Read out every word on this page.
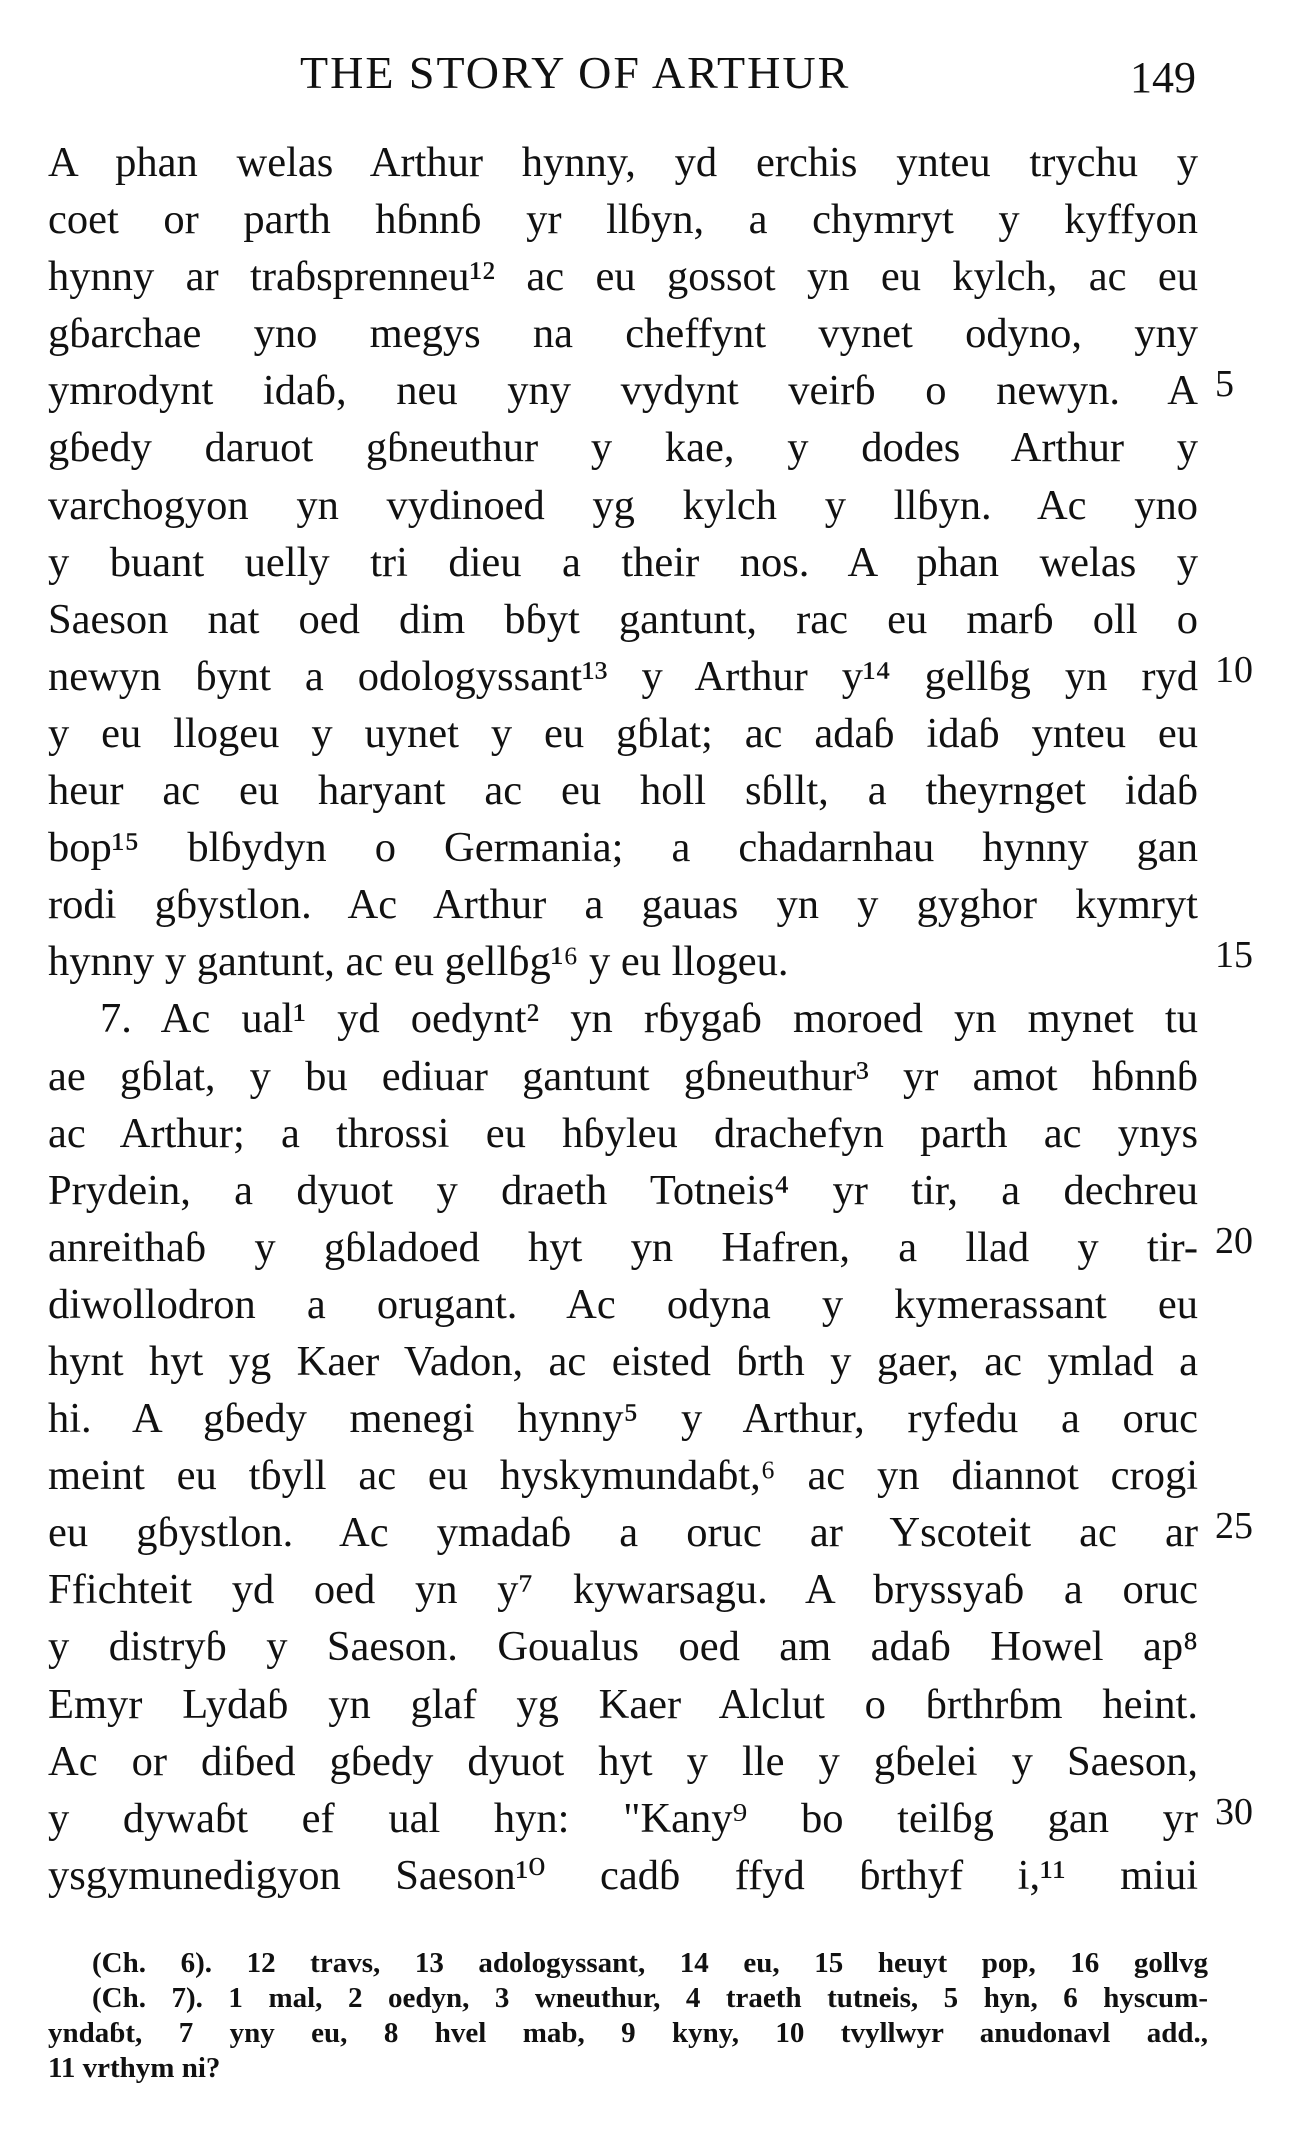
THE STORY OF ARTHUR	149
A phan welas Arthur hynny, yd erchis ynteu trychu y
coet or parth hɓnnɓ yr llɓyn, a chymryt y kyffyon
hynny ar traɓsprenneu¹² ac eu gossot yn eu kylch, ac eu
gɓarchae yno megys na cheffynt vynet odyno, yny
ymrodynt idaɓ, neu yny vydynt veirɓ o newyn. A
gɓedy daruot gɓneuthur y kae, y dodes Arthur y
varchogyon yn vydinoed yg kylch y llɓyn. Ac yno
y buant uelly tri dieu a their nos. A phan welas y
Saeson nat oed dim bɓyt gantunt, rac eu marɓ oll o
newyn ɓynt a odologyssant¹³ y Arthur y¹⁴ gellɓg yn ryd
y eu llogeu y uynet y eu gɓlat; ac adaɓ idaɓ ynteu eu
heur ac eu haryant ac eu holl sɓllt, a theyrnget idaɓ
bop¹⁵ blɓydyn o Germania; a chadarnhau hynny gan
rodi gɓystlon. Ac Arthur a gauas yn y gyghor kymryt
hynny y gantunt, ac eu gellɓg¹⁶ y eu llogeu.
7. Ac ual¹ yd oedynt² yn rɓygaɓ moroed yn mynet tu
ae gɓlat, y bu ediuar gantunt gɓneuthur³ yr amot hɓnnɓ
ac Arthur; a throssi eu hɓyleu drachefyn parth ac ynys
Prydein, a dyuot y draeth Totneis⁴ yr tir, a dechreu
anreithaɓ y gɓladoed hyt yn Hafren, a llad y tir-
diwollodron a orugant. Ac odyna y kymerassant eu
hynt hyt yg Kaer Vadon, ac eisted ɓrth y gaer, ac ymlad a
hi. A gɓedy menegi hynny⁵ y Arthur, ryfedu a oruc
meint eu tɓyll ac eu hyskymundaɓt,⁶ ac yn diannot crogi
eu gɓystlon. Ac ymadaɓ a oruc ar Yscoteit ac ar
Ffichteit yd oed yn y⁷ kywarsagu. A bryssyaɓ a oruc
y distryɓ y Saeson. Goualus oed am adaɓ Howel ap⁸
Emyr Lydaɓ yn glaf yg Kaer Alclut o ɓrthrɓm heint.
Ac or diɓed gɓedy dyuot hyt y lle y gɓelei y Saeson,
y dywaɓt ef ual hyn: "Kany⁹ bo teilɓg gan yr
ysgymunedigyon Saeson¹⁰ cadɓ ffyd ɓrthyf i,¹¹ miui
5
10
15
20
25
30
(Ch. 6). 12 travs, 13 adologyssant, 14 eu, 15 heuyt pop, 16 gollvg
(Ch. 7). 1 mal, 2 oedyn, 3 wneuthur, 4 traeth tutneis, 5 hyn, 6 hyscum-
yndaɓt, 7 yny eu, 8 hvel mab, 9 kyny, 10 tvyllwyr anudonavl add.,
11 vrthym ni?
